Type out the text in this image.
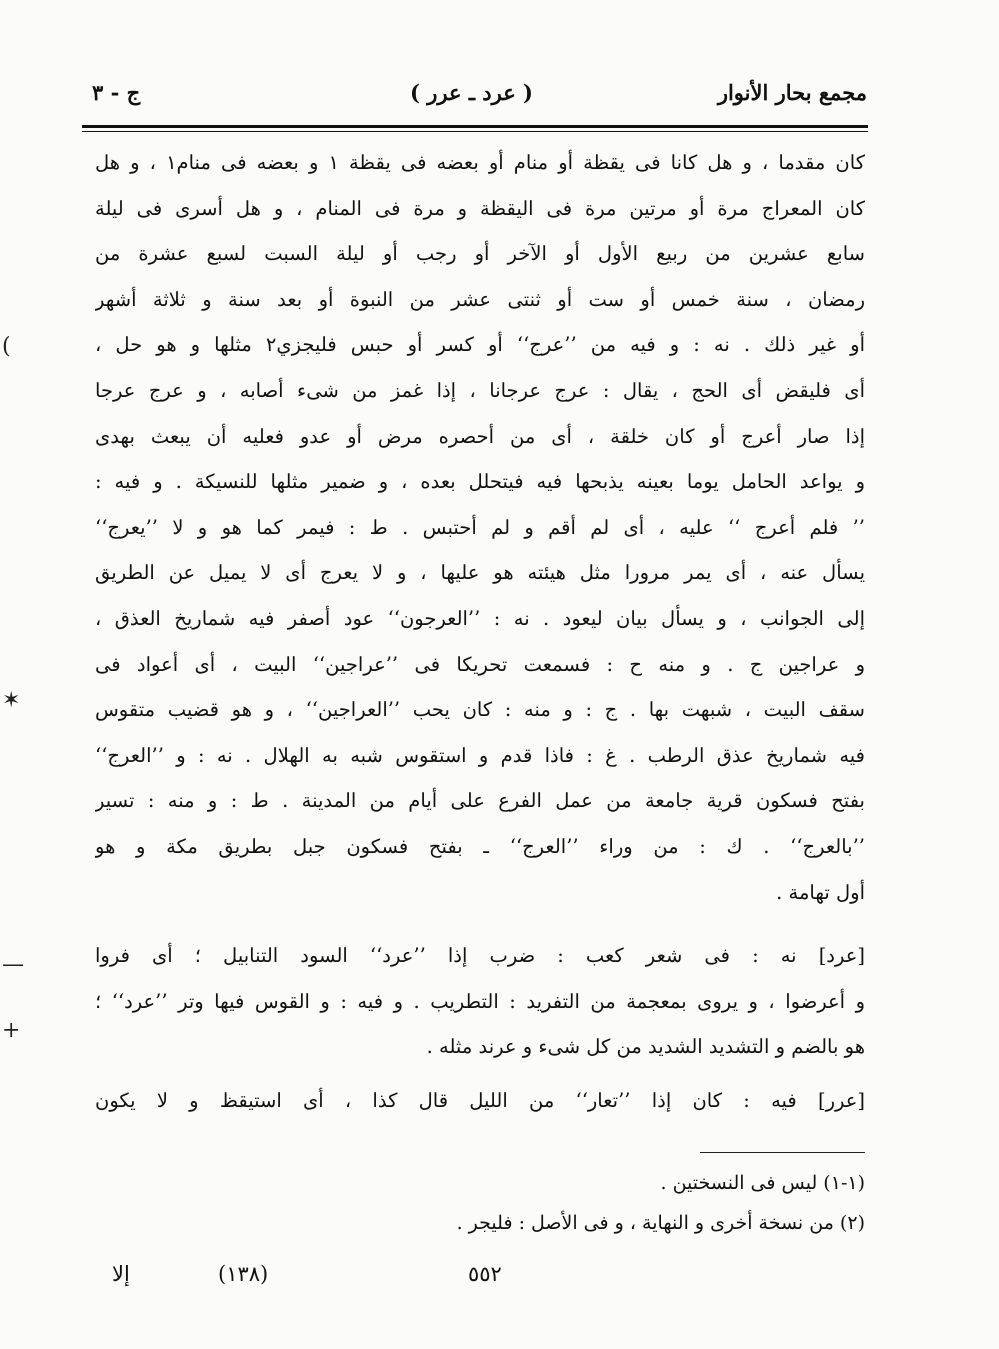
مجمع بحار الأنوار
( عرد ـ عرر )
ج - ٣
كان مقدما ، و هل كانا فى يقظة أو منام أو بعضه فى يقظة ١ و بعضه فى منام١ ، و هل
كان المعراج مرة أو مرتين مرة فى اليقظة و مرة فى المنام ، و هل أسرى فى ليلة
سابع عشرين من ربيع الأول أو الآخر أو رجب أو ليلة السبت لسبع عشرة من
رمضان ، سنة خمس أو ست أو ثنتى عشر من النبوة أو بعد سنة و ثلاثة أشهر
أو غير ذلك . نه : و فيه من ’’عرج‘‘ أو كسر أو حبس فليجزي٢ مثلها و هو حل ،
أى فليقض أى الحج ، يقال : عرج عرجانا ، إذا غمز من شىء أصابه ، و عرج عرجا
إذا صار أعرج أو كان خلقة ، أى من أحصره مرض أو عدو فعليه أن يبعث بهدى
و يواعد الحامل يوما بعينه يذبحها فيه فيتحلل بعده ، و ضمير مثلها للنسيكة . و فيه :
’’ فلم أعرج ‘‘ عليه ، أى لم أقم و لم أحتبس . ط : فيمر كما هو و لا ’’يعرج‘‘
يسأل عنه ، أى يمر مرورا مثل هيئته هو عليها ، و لا يعرج أى لا يميل عن الطريق
إلى الجوانب ، و يسأل بيان ليعود . نه : ’’العرجون‘‘ عود أصفر فيه شماريخ العذق ،
و عراجين ج . و منه ح : فسمعت تحريكا فى ’’عراجين‘‘ البيت ، أى أعواد فى
سقف البيت ، شبهت بها . ج : و منه : كان يحب ’’العراجين‘‘ ، و هو قضيب متقوس
فيه شماريخ عذق الرطب . غ : فاذا قدم و استقوس شبه به الهلال . نه : و ’’العرج‘‘
بفتح فسكون قرية جامعة من عمل الفرع على أيام من المدينة . ط : و منه : تسير
’’بالعرج‘‘ . ك : من وراء ’’العرج‘‘ ـ بفتح فسكون جبل بطريق مكة و هو
أول تهامة .
[عرد] نه : فى شعر كعب : ضرب إذا ’’عرد‘‘ السود التنابيل ؛ أى فروا
و أعرضوا ، و يروى بمعجمة من التفريد : التطريب . و فيه : و القوس فيها وتر ’’عرد‘‘ ؛
هو بالضم و التشديد الشديد من كل شىء و عرند مثله .
[عرر] فيه : كان إذا ’’تعار‘‘ من الليل قال كذا ، أى استيقظ و لا يكون
(١-١) ليس فى النسختين .
(٢) من نسخة أخرى و النهاية ، و فى الأصل : فليجر .
إلا	(١٣٨)	٥٥٢
(
✶
—
+
